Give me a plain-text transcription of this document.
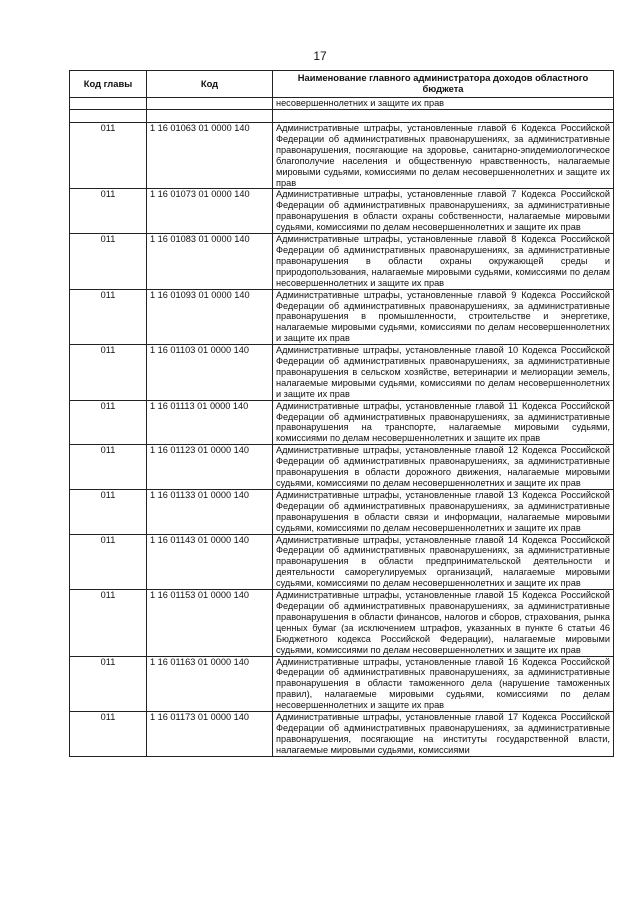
17
Код главы	Код	Наименование главного администратора доходов областного бюджета
		несовершеннолетних и защите их прав

011	1 16 01063 01 0000 140	Административные штрафы, установленные главой 6 Кодекса Российской Федерации об административных правонарушениях, за административные правонарушения, посягающие на здоровье, санитарно-эпидемиологическое благополучие населения и общественную нравственность, налагаемые мировыми судьями, комиссиями по делам несовершеннолетних и защите их прав
011	1 16 01073 01 0000 140	Административные штрафы, установленные главой 7 Кодекса Российской Федерации об административных правонарушениях, за административные правонарушения в области охраны собственности, налагаемые мировыми судьями, комиссиями по делам несовершеннолетних и защите их прав
011	1 16 01083 01 0000 140	Административные штрафы, установленные главой 8 Кодекса Российской Федерации об административных правонарушениях, за административные правонарушения в области охраны окружающей среды и природопользования, налагаемые мировыми судьями, комиссиями по делам несовершеннолетних и защите их прав
011	1 16 01093 01 0000 140	Административные штрафы, установленные главой 9 Кодекса Российской Федерации об административных правонарушениях, за административные правонарушения в промышленности, строительстве и энергетике, налагаемые мировыми судьями, комиссиями по делам несовершеннолетних и защите их прав
011	1 16 01103 01 0000 140	Административные штрафы, установленные главой 10 Кодекса Российской Федерации об административных правонарушениях, за административные правонарушения в сельском хозяйстве, ветеринарии и мелиорации земель, налагаемые мировыми судьями, комиссиями по делам несовершеннолетних и защите их прав
011	1 16 01113 01 0000 140	Административные штрафы, установленные главой 11 Кодекса Российской Федерации об административных правонарушениях, за административные правонарушения на транспорте, налагаемые мировыми судьями, комиссиями по делам несовершеннолетних и защите их прав
011	1 16 01123 01 0000 140	Административные штрафы, установленные главой 12 Кодекса Российской Федерации об административных правонарушениях, за административные правонарушения в области дорожного движения, налагаемые мировыми судьями, комиссиями по делам несовершеннолетних и защите их прав
011	1 16 01133 01 0000 140	Административные штрафы, установленные главой 13 Кодекса Российской Федерации об административных правонарушениях, за административные правонарушения в области связи и информации, налагаемые мировыми судьями, комиссиями по делам несовершеннолетних и защите их прав
011	1 16 01143 01 0000 140	Административные штрафы, установленные главой 14 Кодекса Российской Федерации об административных правонарушениях, за административные правонарушения в области предпринимательской деятельности и деятельности саморегулируемых организаций, налагаемые мировыми судьями, комиссиями по делам несовершеннолетних и защите их прав
011	1 16 01153 01 0000 140	Административные штрафы, установленные главой 15 Кодекса Российской Федерации об административных правонарушениях, за административные правонарушения в области финансов, налогов и сборов, страхования, рынка ценных бумаг (за исключением штрафов, указанных в пункте 6 статьи 46 Бюджетного кодекса Российской Федерации), налагаемые мировыми судьями, комиссиями по делам несовершеннолетних и защите их прав
011	1 16 01163 01 0000 140	Административные штрафы, установленные главой 16 Кодекса Российской Федерации об административных правонарушениях, за административные правонарушения в области таможенного дела (нарушение таможенных правил), налагаемые мировыми судьями, комиссиями по делам несовершеннолетних и защите их прав
011	1 16 01173 01 0000 140	Административные штрафы, установленные главой 17 Кодекса Российской Федерации об административных правонарушениях, за административные правонарушения, посягающие на институты государственной власти, налагаемые мировыми судьями, комиссиями
